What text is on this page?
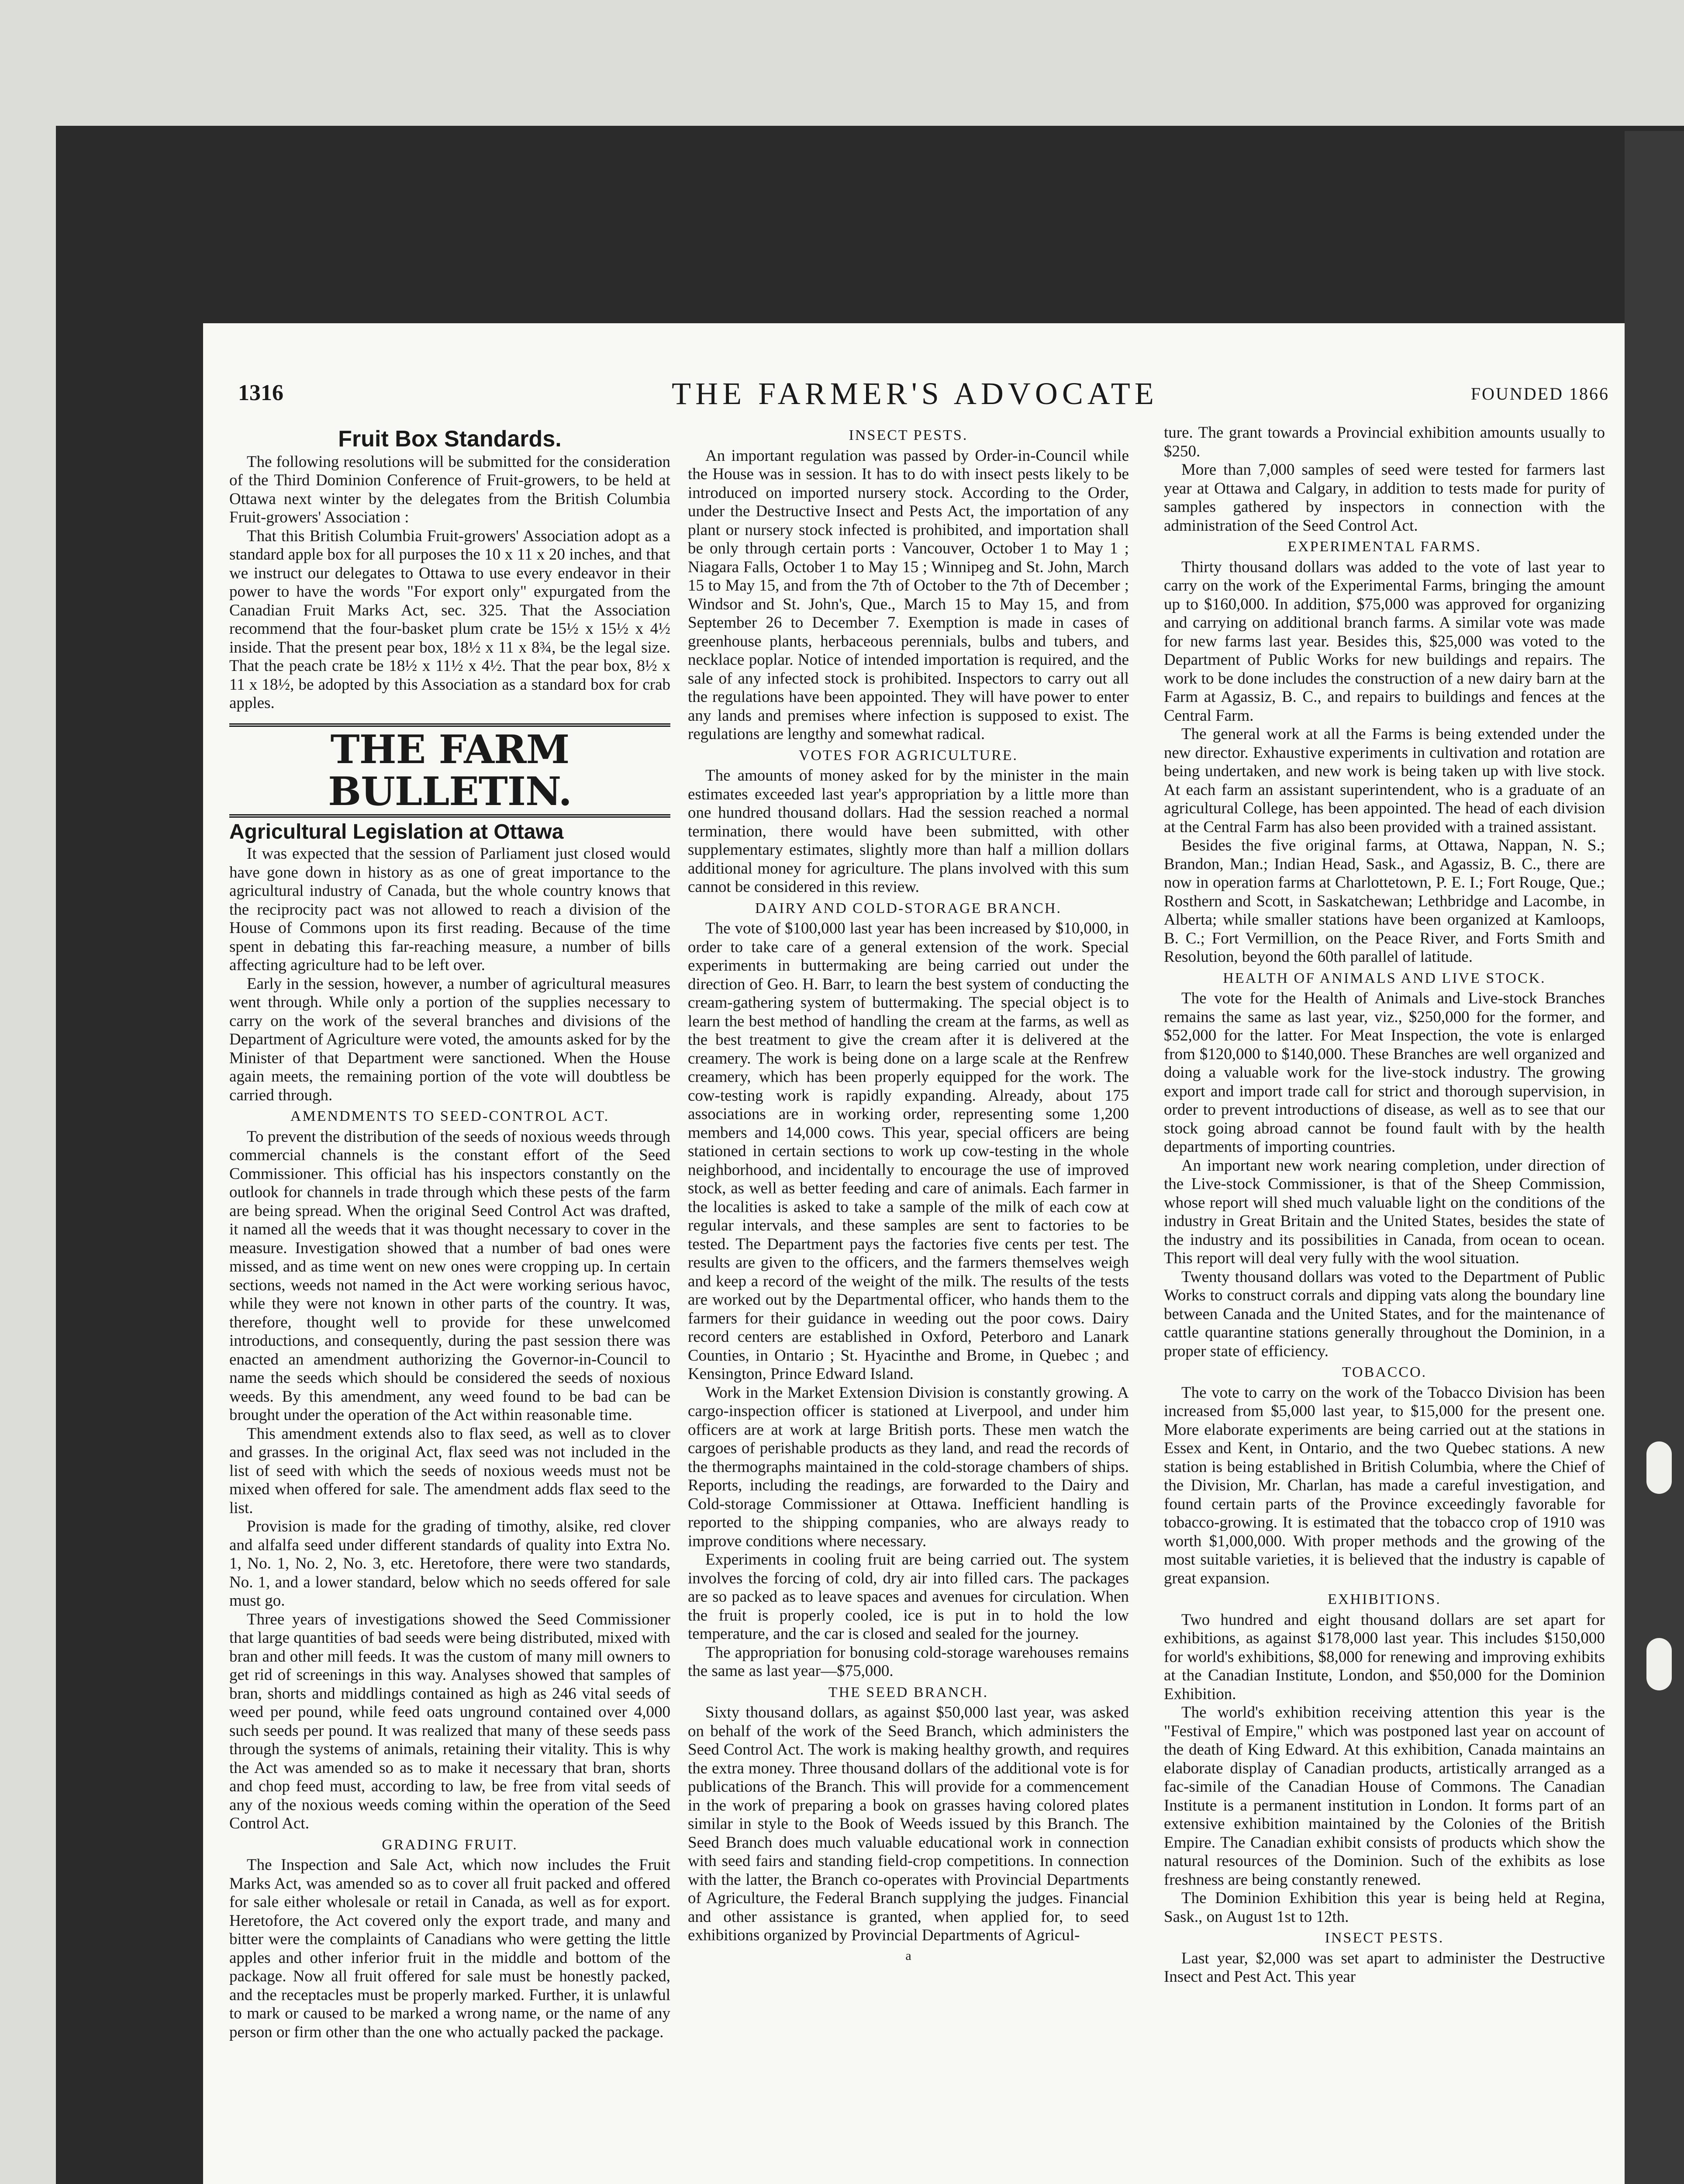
1316	THE FARMER'S ADVOCATE	FOUNDED 1866
Fruit Box Standards.

The following resolutions will be submitted for the consideration of the Third Dominion Conference of Fruit-growers, to be held at Ottawa next winter by the delegates from the British Columbia Fruit-growers' Association :

That this British Columbia Fruit-growers' Association adopt as a standard apple box for all purposes the 10 x 11 x 20 inches, and that we instruct our delegates to Ottawa to use every endeavor in their power to have the words "For export only" expurgated from the Canadian Fruit Marks Act, sec. 325. That the Association recommend that the four-basket plum crate be 15½ x 15½ x 4½ inside. That the present pear box, 18½ x 11 x 8¾, be the legal size. That the peach crate be 18½ x 11½ x 4½. That the pear box, 8½ x 11 x 18½, be adopted by this Association as a standard box for crab apples.

THE FARM BULLETIN.
Agricultural Legislation at Ottawa

It was expected that the session of Parliament just closed would have gone down in history as as one of great importance to the agricultural industry of Canada, but the whole country knows that the reciprocity pact was not allowed to reach a division of the House of Commons upon its first reading. Because of the time spent in debating this far-reaching measure, a number of bills affecting agriculture had to be left over.

Early in the session, however, a number of agricultural measures went through. While only a portion of the supplies necessary to carry on the work of the several branches and divisions of the Department of Agriculture were voted, the amounts asked for by the Minister of that Department were sanctioned. When the House again meets, the remaining portion of the vote will doubtless be carried through.

AMENDMENTS TO SEED-CONTROL ACT.

To prevent the distribution of the seeds of noxious weeds through commercial channels is the constant effort of the Seed Commissioner. This official has his inspectors constantly on the outlook for channels in trade through which these pests of the farm are being spread. When the original Seed Control Act was drafted, it named all the weeds that it was thought necessary to cover in the measure. Investigation showed that a number of bad ones were missed, and as time went on new ones were cropping up. In certain sections, weeds not named in the Act were working serious havoc, while they were not known in other parts of the country. It was, therefore, thought well to provide for these unwelcomed introductions, and consequently, during the past session there was enacted an amendment authorizing the Governor-in-Council to name the seeds which should be considered the seeds of noxious weeds. By this amendment, any weed found to be bad can be brought under the operation of the Act within reasonable time.

This amendment extends also to flax seed, as well as to clover and grasses. In the original Act, flax seed was not included in the list of seed with which the seeds of noxious weeds must not be mixed when offered for sale. The amendment adds flax seed to the list.

Provision is made for the grading of timothy, alsike, red clover and alfalfa seed under different standards of quality into Extra No. 1, No. 1, No. 2, No. 3, etc. Heretofore, there were two standards, No. 1, and a lower standard, below which no seeds offered for sale must go.

Three years of investigations showed the Seed Commissioner that large quantities of bad seeds were being distributed, mixed with bran and other mill feeds. It was the custom of many mill owners to get rid of screenings in this way. Analyses showed that samples of bran, shorts and middlings contained as high as 246 vital seeds of weed per pound, while feed oats unground contained over 4,000 such seeds per pound. It was realized that many of these seeds pass through the systems of animals, retaining their vitality. This is why the Act was amended so as to make it necessary that bran, shorts and chop feed must, according to law, be free from vital seeds of any of the noxious weeds coming within the operation of the Seed Control Act.

GRADING FRUIT.

The Inspection and Sale Act, which now includes the Fruit Marks Act, was amended so as to cover all fruit packed and offered for sale either wholesale or retail in Canada, as well as for export. Heretofore, the Act covered only the export trade, and many and bitter were the complaints of Canadians who were getting the little apples and other inferior fruit in the middle and bottom of the package. Now all fruit offered for sale must be honestly packed, and the receptacles must be properly marked. Further, it is unlawful to mark or caused to be marked a wrong name, or the name of any person or firm other than the one who actually packed the package.

INSECT PESTS.

An important regulation was passed by Order-in-Council while the House was in session. It has to do with insect pests likely to be introduced on imported nursery stock. According to the Order, under the Destructive Insect and Pests Act, the importation of any plant or nursery stock infected is prohibited, and importation shall be only through certain ports : Vancouver, October 1 to May 1 ; Niagara Falls, October 1 to May 15 ; Winnipeg and St. John, March 15 to May 15, and from the 7th of October to the 7th of December ; Windsor and St. John's, Que., March 15 to May 15, and from September 26 to December 7. Exemption is made in cases of greenhouse plants, herbaceous perennials, bulbs and tubers, and necklace poplar. Notice of intended importation is required, and the sale of any infected stock is prohibited. Inspectors to carry out all the regulations have been appointed. They will have power to enter any lands and premises where infection is supposed to exist. The regulations are lengthy and somewhat radical.

VOTES FOR AGRICULTURE.

The amounts of money asked for by the minister in the main estimates exceeded last year's appropriation by a little more than one hundred thousand dollars. Had the session reached a normal termination, there would have been submitted, with other supplementary estimates, slightly more than half a million dollars additional money for agriculture. The plans involved with this sum cannot be considered in this review.

DAIRY AND COLD-STORAGE BRANCH.

The vote of $100,000 last year has been increased by $10,000, in order to take care of a general extension of the work. Special experiments in buttermaking are being carried out under the direction of Geo. H. Barr, to learn the best system of conducting the cream-gathering system of buttermaking. The special object is to learn the best method of handling the cream at the farms, as well as the best treatment to give the cream after it is delivered at the creamery. The work is being done on a large scale at the Renfrew creamery, which has been properly equipped for the work. The cow-testing work is rapidly expanding. Already, about 175 associations are in working order, representing some 1,200 members and 14,000 cows. This year, special officers are being stationed in certain sections to work up cow-testing in the whole neighborhood, and incidentally to encourage the use of improved stock, as well as better feeding and care of animals. Each farmer in the localities is asked to take a sample of the milk of each cow at regular intervals, and these samples are sent to factories to be tested. The Department pays the factories five cents per test. The results are given to the officers, and the farmers themselves weigh and keep a record of the weight of the milk. The results of the tests are worked out by the Departmental officer, who hands them to the farmers for their guidance in weeding out the poor cows. Dairy record centers are established in Oxford, Peterboro and Lanark Counties, in Ontario ; St. Hyacinthe and Brome, in Quebec ; and Kensington, Prince Edward Island.

Work in the Market Extension Division is constantly growing. A cargo-inspection officer is stationed at Liverpool, and under him officers are at work at large British ports. These men watch the cargoes of perishable products as they land, and read the records of the thermographs maintained in the cold-storage chambers of ships. Reports, including the readings, are forwarded to the Dairy and Cold-storage Commissioner at Ottawa. Inefficient handling is reported to the shipping companies, who are always ready to improve conditions where necessary.

Experiments in cooling fruit are being carried out. The system involves the forcing of cold, dry air into filled cars. The packages are so packed as to leave spaces and avenues for circulation. When the fruit is properly cooled, ice is put in to hold the low temperature, and the car is closed and sealed for the journey.

The appropriation for bonusing cold-storage warehouses remains the same as last year—$75,000.

THE SEED BRANCH.

Sixty thousand dollars, as against $50,000 last year, was asked on behalf of the work of the Seed Branch, which administers the Seed Control Act. The work is making healthy growth, and requires the extra money. Three thousand dollars of the additional vote is for publications of the Branch. This will provide for a commencement in the work of preparing a book on grasses having colored plates similar in style to the Book of Weeds issued by this Branch. The Seed Branch does much valuable educational work in connection with seed fairs and standing field-crop competitions. In connection with the latter, the Branch co-operates with Provincial Departments of Agriculture, the Federal Branch supplying the judges. Financial and other assistance is granted, when applied for, to seed exhibitions organized by Provincial Departments of Agricul-

a

ture. The grant towards a Provincial exhibition amounts usually to $250.

More than 7,000 samples of seed were tested for farmers last year at Ottawa and Calgary, in addition to tests made for purity of samples gathered by inspectors in connection with the administration of the Seed Control Act.

EXPERIMENTAL FARMS.

Thirty thousand dollars was added to the vote of last year to carry on the work of the Experimental Farms, bringing the amount up to $160,000. In addition, $75,000 was approved for organizing and carrying on additional branch farms. A similar vote was made for new farms last year. Besides this, $25,000 was voted to the Department of Public Works for new buildings and repairs. The work to be done includes the construction of a new dairy barn at the Farm at Agassiz, B. C., and repairs to buildings and fences at the Central Farm.

The general work at all the Farms is being extended under the new director. Exhaustive experiments in cultivation and rotation are being undertaken, and new work is being taken up with live stock. At each farm an assistant superintendent, who is a graduate of an agricultural College, has been appointed. The head of each division at the Central Farm has also been provided with a trained assistant.

Besides the five original farms, at Ottawa, Nappan, N. S.; Brandon, Man.; Indian Head, Sask., and Agassiz, B. C., there are now in operation farms at Charlottetown, P. E. I.; Fort Rouge, Que.; Rosthern and Scott, in Saskatchewan; Lethbridge and Lacombe, in Alberta; while smaller stations have been organized at Kamloops, B. C.; Fort Vermillion, on the Peace River, and Forts Smith and Resolution, beyond the 60th parallel of latitude.

HEALTH OF ANIMALS AND LIVE STOCK.

The vote for the Health of Animals and Live-stock Branches remains the same as last year, viz., $250,000 for the former, and $52,000 for the latter. For Meat Inspection, the vote is enlarged from $120,000 to $140,000. These Branches are well organized and doing a valuable work for the live-stock industry. The growing export and import trade call for strict and thorough supervision, in order to prevent introductions of disease, as well as to see that our stock going abroad cannot be found fault with by the health departments of importing countries.

An important new work nearing completion, under direction of the Live-stock Commissioner, is that of the Sheep Commission, whose report will shed much valuable light on the conditions of the industry in Great Britain and the United States, besides the state of the industry and its possibilities in Canada, from ocean to ocean. This report will deal very fully with the wool situation.

Twenty thousand dollars was voted to the Department of Public Works to construct corrals and dipping vats along the boundary line between Canada and the United States, and for the maintenance of cattle quarantine stations generally throughout the Dominion, in a proper state of efficiency.

TOBACCO.

The vote to carry on the work of the Tobacco Division has been increased from $5,000 last year, to $15,000 for the present one. More elaborate experiments are being carried out at the stations in Essex and Kent, in Ontario, and the two Quebec stations. A new station is being established in British Columbia, where the Chief of the Division, Mr. Charlan, has made a careful investigation, and found certain parts of the Province exceedingly favorable for tobacco-growing. It is estimated that the tobacco crop of 1910 was worth $1,000,000. With proper methods and the growing of the most suitable varieties, it is believed that the industry is capable of great expansion.

EXHIBITIONS.

Two hundred and eight thousand dollars are set apart for exhibitions, as against $178,000 last year. This includes $150,000 for world's exhibitions, $8,000 for renewing and improving exhibits at the Canadian Institute, London, and $50,000 for the Dominion Exhibition.

The world's exhibition receiving attention this year is the "Festival of Empire," which was postponed last year on account of the death of King Edward. At this exhibition, Canada maintains an elaborate display of Canadian products, artistically arranged as a fac-simile of the Canadian House of Commons. The Canadian Institute is a permanent institution in London. It forms part of an extensive exhibition maintained by the Colonies of the British Empire. The Canadian exhibit consists of products which show the natural resources of the Dominion. Such of the exhibits as lose freshness are being constantly renewed.

The Dominion Exhibition this year is being held at Regina, Sask., on August 1st to 12th.

INSECT PESTS.

Last year, $2,000 was set apart to administer the Destructive Insect and Pest Act. This year
